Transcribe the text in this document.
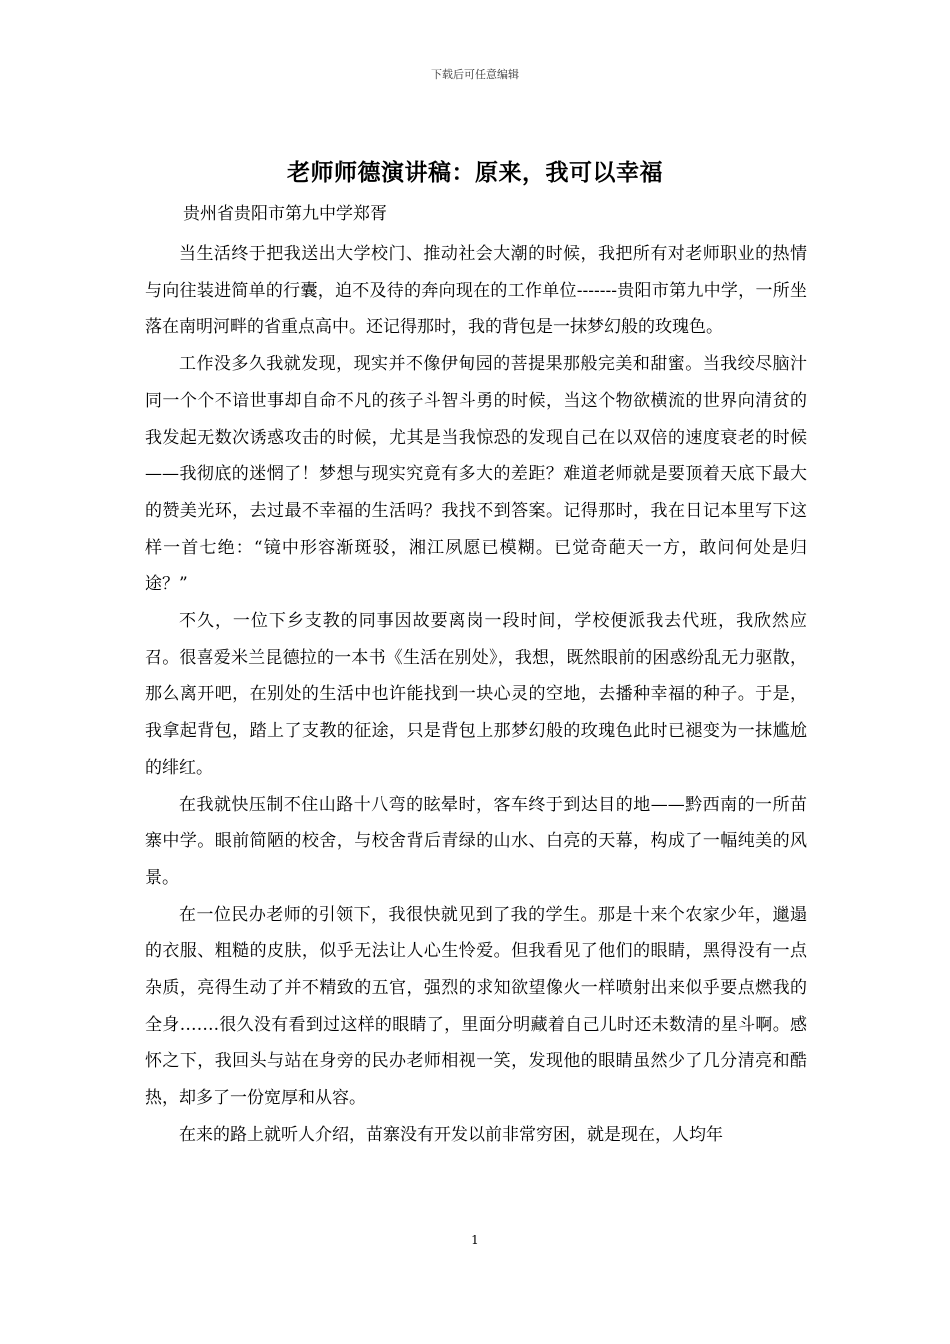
下载后可任意编辑
老师师德演讲稿：原来，我可以幸福
贵州省贵阳市第九中学郑胥

当生活终于把我送出大学校门、推动社会大潮的时候，我把所有对老师职业的热情与向往装进简单的行囊，迫不及待的奔向现在的工作单位-------贵阳市第九中学，一所坐落在南明河畔的省重点高中。还记得那时，我的背包是一抹梦幻般的玫瑰色。

工作没多久我就发现，现实并不像伊甸园的菩提果那般完美和甜蜜。当我绞尽脑汁同一个个不谙世事却自命不凡的孩子斗智斗勇的时候，当这个物欲横流的世界向清贫的我发起无数次诱惑攻击的时候，尤其是当我惊恐的发现自己在以双倍的速度衰老的时候——我彻底的迷惘了！梦想与现实究竟有多大的差距？难道老师就是要顶着天底下最大的赞美光环，去过最不幸福的生活吗？我找不到答案。记得那时，我在日记本里写下这样一首七绝：“镜中形容渐斑驳，湘江夙愿已模糊。已觉奇葩天一方，敢问何处是归途？”

不久，一位下乡支教的同事因故要离岗一段时间，学校便派我去代班，我欣然应召。很喜爱米兰昆德拉的一本书《生活在别处》，我想，既然眼前的困惑纷乱无力驱散，那么离开吧，在别处的生活中也许能找到一块心灵的空地，去播种幸福的种子。于是，我拿起背包，踏上了支教的征途，只是背包上那梦幻般的玫瑰色此时已褪变为一抹尴尬的绯红。

在我就快压制不住山路十八弯的眩晕时，客车终于到达目的地——黔西南的一所苗寨中学。眼前简陋的校舍，与校舍背后青绿的山水、白亮的天幕，构成了一幅纯美的风景。

在一位民办老师的引领下，我很快就见到了我的学生。那是十来个农家少年，邋遢的衣服、粗糙的皮肤，似乎无法让人心生怜爱。但我看见了他们的眼睛，黑得没有一点杂质，亮得生动了并不精致的五官，强烈的求知欲望像火一样喷射出来似乎要点燃我的全身…….很久没有看到过这样的眼睛了，里面分明藏着自己儿时还未数清的星斗啊。感怀之下，我回头与站在身旁的民办老师相视一笑，发现他的眼睛虽然少了几分清亮和酷热，却多了一份宽厚和从容。

在来的路上就听人介绍，苗寨没有开发以前非常穷困，就是现在，人均年

1
